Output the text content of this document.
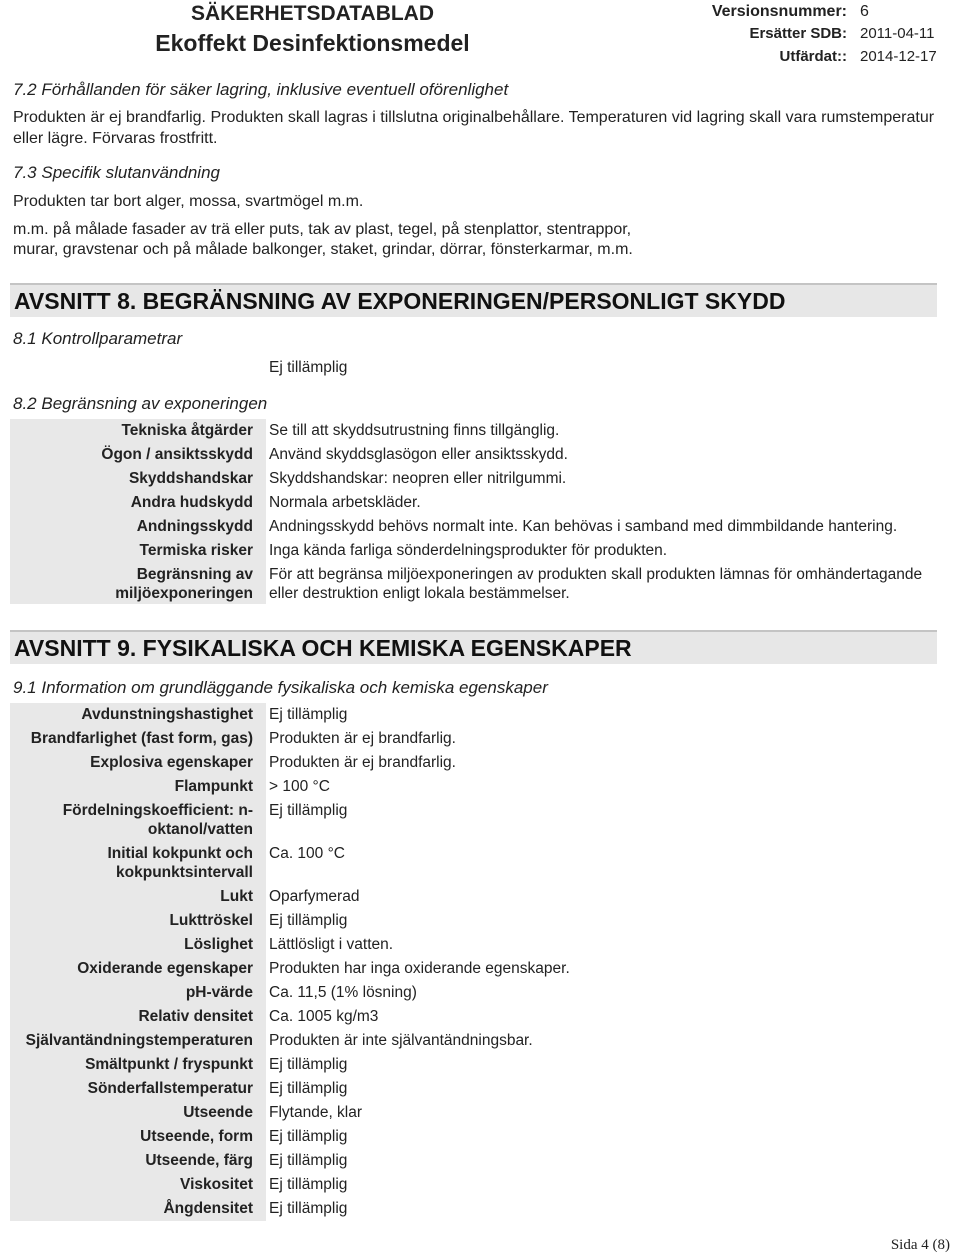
SÄKERHETSDATABLAD
Ekoffekt Desinfektionsmedel
Versionsnummer: 6
Ersätter SDB: 2011-04-11
Utfärdat:: 2014-12-17
7.2 Förhållanden för säker lagring, inklusive eventuell oförenlighet
Produkten är ej brandfarlig. Produkten skall lagras i tillslutna originalbehållare. Temperaturen vid lagring skall vara rumstemperatur
eller lägre. Förvaras frostfritt.
7.3 Specifik slutanvändning
Produkten tar bort alger, mossa, svartmögel m.m.
m.m. på målade fasader av trä eller puts, tak av plast, tegel, på stenplattor, stentrappor,
murar, gravstenar och på målade balkonger, staket, grindar, dörrar, fönsterkarmar, m.m.
AVSNITT 8. BEGRÄNSNING AV EXPONERINGEN/PERSONLIGT SKYDD
8.1 Kontrollparametrar
Ej tillämplig
8.2 Begränsning av exponeringen
Tekniska åtgärder Se till att skyddsutrustning finns tillgänglig.
Ögon / ansiktsskydd Använd skyddsglasögon eller ansiktsskydd.
Skyddshandskar Skyddshandskar: neopren eller nitrilgummi.
Andra hudskydd Normala arbetskläder.
Andningsskydd Andningsskydd behövs normalt inte. Kan behövas i samband med dimmbildande hantering.
Termiska risker Inga kända farliga sönderdelningsprodukter för produkten.
Begränsning av
miljöexponeringen
För att begränsa miljöexponeringen av produkten skall produkten lämnas för omhändertagande
eller destruktion enligt lokala bestämmelser.
AVSNITT 9. FYSIKALISKA OCH KEMISKA EGENSKAPER
9.1 Information om grundläggande fysikaliska och kemiska egenskaper
Avdunstningshastighet Ej tillämplig
Brandfarlighet (fast form, gas) Produkten är ej brandfarlig.
Explosiva egenskaper Produkten är ej brandfarlig.
Flampunkt > 100 °C
Fördelningskoefficient: n-
oktanol/vatten
Ej tillämplig
Initial kokpunkt och
kokpunktsintervall
Ca. 100 °C
Lukt Oparfymerad
Lukttröskel Ej tillämplig
Löslighet Lättlösligt i vatten.
Oxiderande egenskaper Produkten har inga oxiderande egenskaper.
pH-värde Ca. 11,5 (1% lösning)
Relativ densitet Ca. 1005 kg/m3
Självantändningstemperaturen Produkten är inte självantändningsbar.
Smältpunkt / fryspunkt Ej tillämplig
Sönderfallstemperatur Ej tillämplig
Utseende Flytande, klar
Utseende, form Ej tillämplig
Utseende, färg Ej tillämplig
Viskositet Ej tillämplig
Ångdensitet Ej tillämplig
Sida 4 (8)
